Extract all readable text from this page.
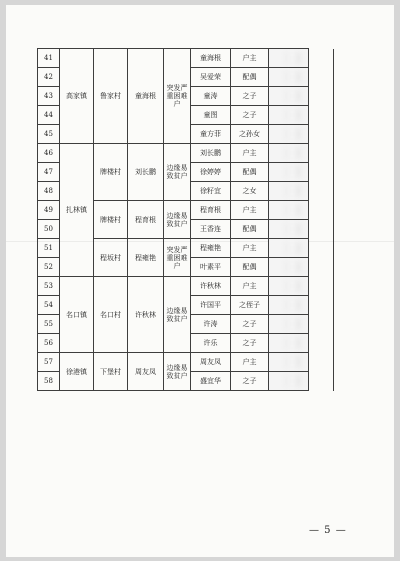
41	高家镇	鲁家村	童海根	突发严重困难户	童海根	户主	

42					吴爱荣	配偶	

43					童涛	之子	

44					童图	之子	

45					童方菲	之孙女	

46	扎林镇	牌楼村	刘长鹏	边缘易致贫户	刘长鹏	户主	

47					徐婷婷	配偶	

48					徐籽宜	之女	

49		牌楼村	程育根	边缘易致贫户	程育根	户主	

50					王香连	配偶	

51		程坂村	程雍艳	突发严重困难户	程雍艳	户主	

52					叶素平	配偶	

53	名口镇	名口村	许秋林	边缘易致贫户	许秋林	户主	

54					许国平	之侄子	

55					许涛	之子	

56					许乐	之子	

57	徐港镇	下堡村	周友凤	边缘易致贫户	周友凤	户主	

58					盛宜华	之子	

— 5 —
